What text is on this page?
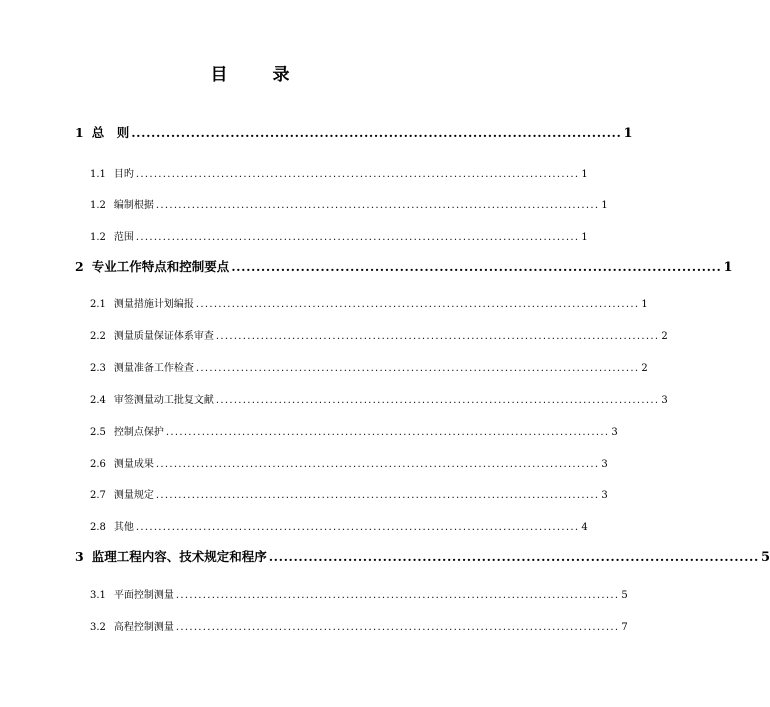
目　录
1 总　则 ................................................................................................... 1
1.1 目旳 ................................................................................................... 1
1.2 编制根据 ................................................................................................... 1
1.2 范围 ................................................................................................... 1
2 专业工作特点和控制要点 ................................................................................................... 1
2.1 测量措施计划编报 ................................................................................................... 1
2.2 测量质量保证体系审查 ................................................................................................... 2
2.3 测量准备工作检查 ................................................................................................... 2
2.4 审签测量动工批复文献 ................................................................................................... 3
2.5 控制点保护 ................................................................................................... 3
2.6 测量成果 ................................................................................................... 3
2.7 测量规定 ................................................................................................... 3
2.8 其他 ................................................................................................... 4
3 监理工程内容、技术规定和程序 ................................................................................................... 5
3.1 平面控制测量 ................................................................................................... 5
3.2 高程控制测量 ................................................................................................... 7
